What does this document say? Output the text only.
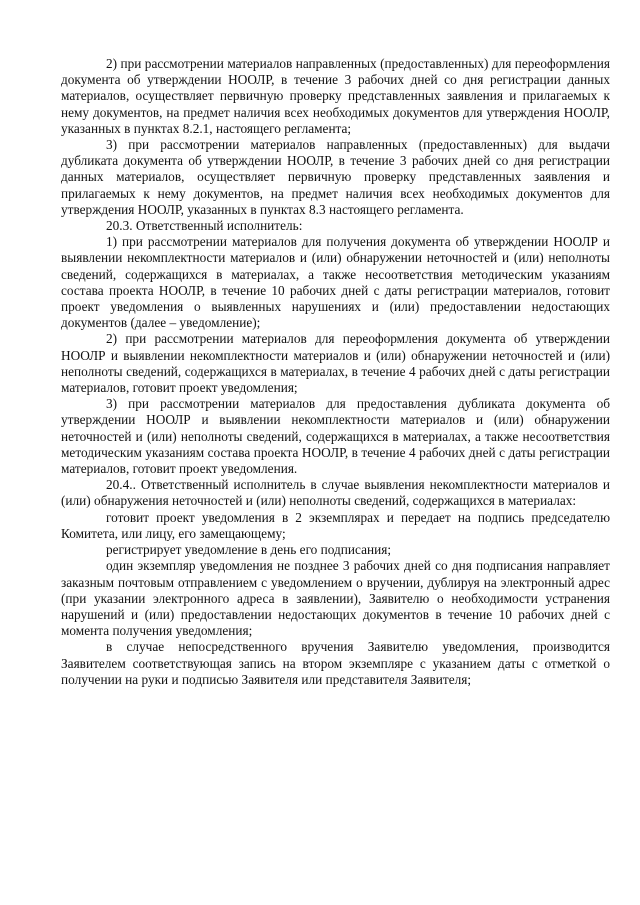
2) при рассмотрении материалов направленных (предоставленных) для переоформления документа об утверждении НООЛР, в течение 3 рабочих дней со дня регистрации данных материалов, осуществляет первичную проверку представленных заявления и прилагаемых к нему документов, на предмет наличия всех необходимых документов для утверждения НООЛР, указанных в пунктах 8.2.1, настоящего регламента;

3) при рассмотрении материалов направленных (предоставленных) для выдачи дубликата документа об утверждении НООЛР, в течение 3 рабочих дней со дня регистрации данных материалов, осуществляет первичную проверку представленных заявления и прилагаемых к нему документов, на предмет наличия всех необходимых документов для утверждения НООЛР, указанных в пунктах 8.3 настоящего регламента.

20.3. Ответственный исполнитель:

1) при рассмотрении материалов для получения документа об утверждении НООЛР и выявлении некомплектности материалов и (или) обнаружении неточностей и (или) неполноты сведений, содержащихся в материалах, а также несоответствия методическим указаниям состава проекта НООЛР, в течение 10 рабочих дней с даты регистрации материалов, готовит проект уведомления о выявленных нарушениях и (или) предоставлении недостающих документов (далее – уведомление);

2) при рассмотрении материалов для переоформления документа об утверждении НООЛР и выявлении некомплектности материалов и (или) обнаружении неточностей и (или) неполноты сведений, содержащихся в материалах, в течение 4 рабочих дней с даты регистрации материалов, готовит проект уведомления;

3) при рассмотрении материалов для предоставления дубликата документа об утверждении НООЛР и выявлении некомплектности материалов и (или) обнаружении неточностей и (или) неполноты сведений, содержащихся в материалах, а также несоответствия методическим указаниям состава проекта НООЛР, в течение 4 рабочих дней с даты регистрации материалов, готовит проект уведомления.

20.4.. Ответственный исполнитель в случае выявления некомплектности материалов и (или) обнаружения неточностей и (или) неполноты сведений, содержащихся в материалах:

готовит проект уведомления в 2 экземплярах и передает на подпись председателю Комитета, или лицу, его замещающему;

регистрирует уведомление в день его подписания;

один экземпляр уведомления не позднее 3 рабочих дней со дня подписания направляет заказным почтовым отправлением с уведомлением о вручении, дублируя на электронный адрес (при указании электронного адреса в заявлении), Заявителю о необходимости устранения нарушений и (или) предоставлении недостающих документов в течение 10 рабочих дней с момента получения уведомления;

в случае непосредственного вручения Заявителю уведомления, производится Заявителем соответствующая запись на втором экземпляре с указанием даты с отметкой о получении на руки и подписью Заявителя или представителя Заявителя;
